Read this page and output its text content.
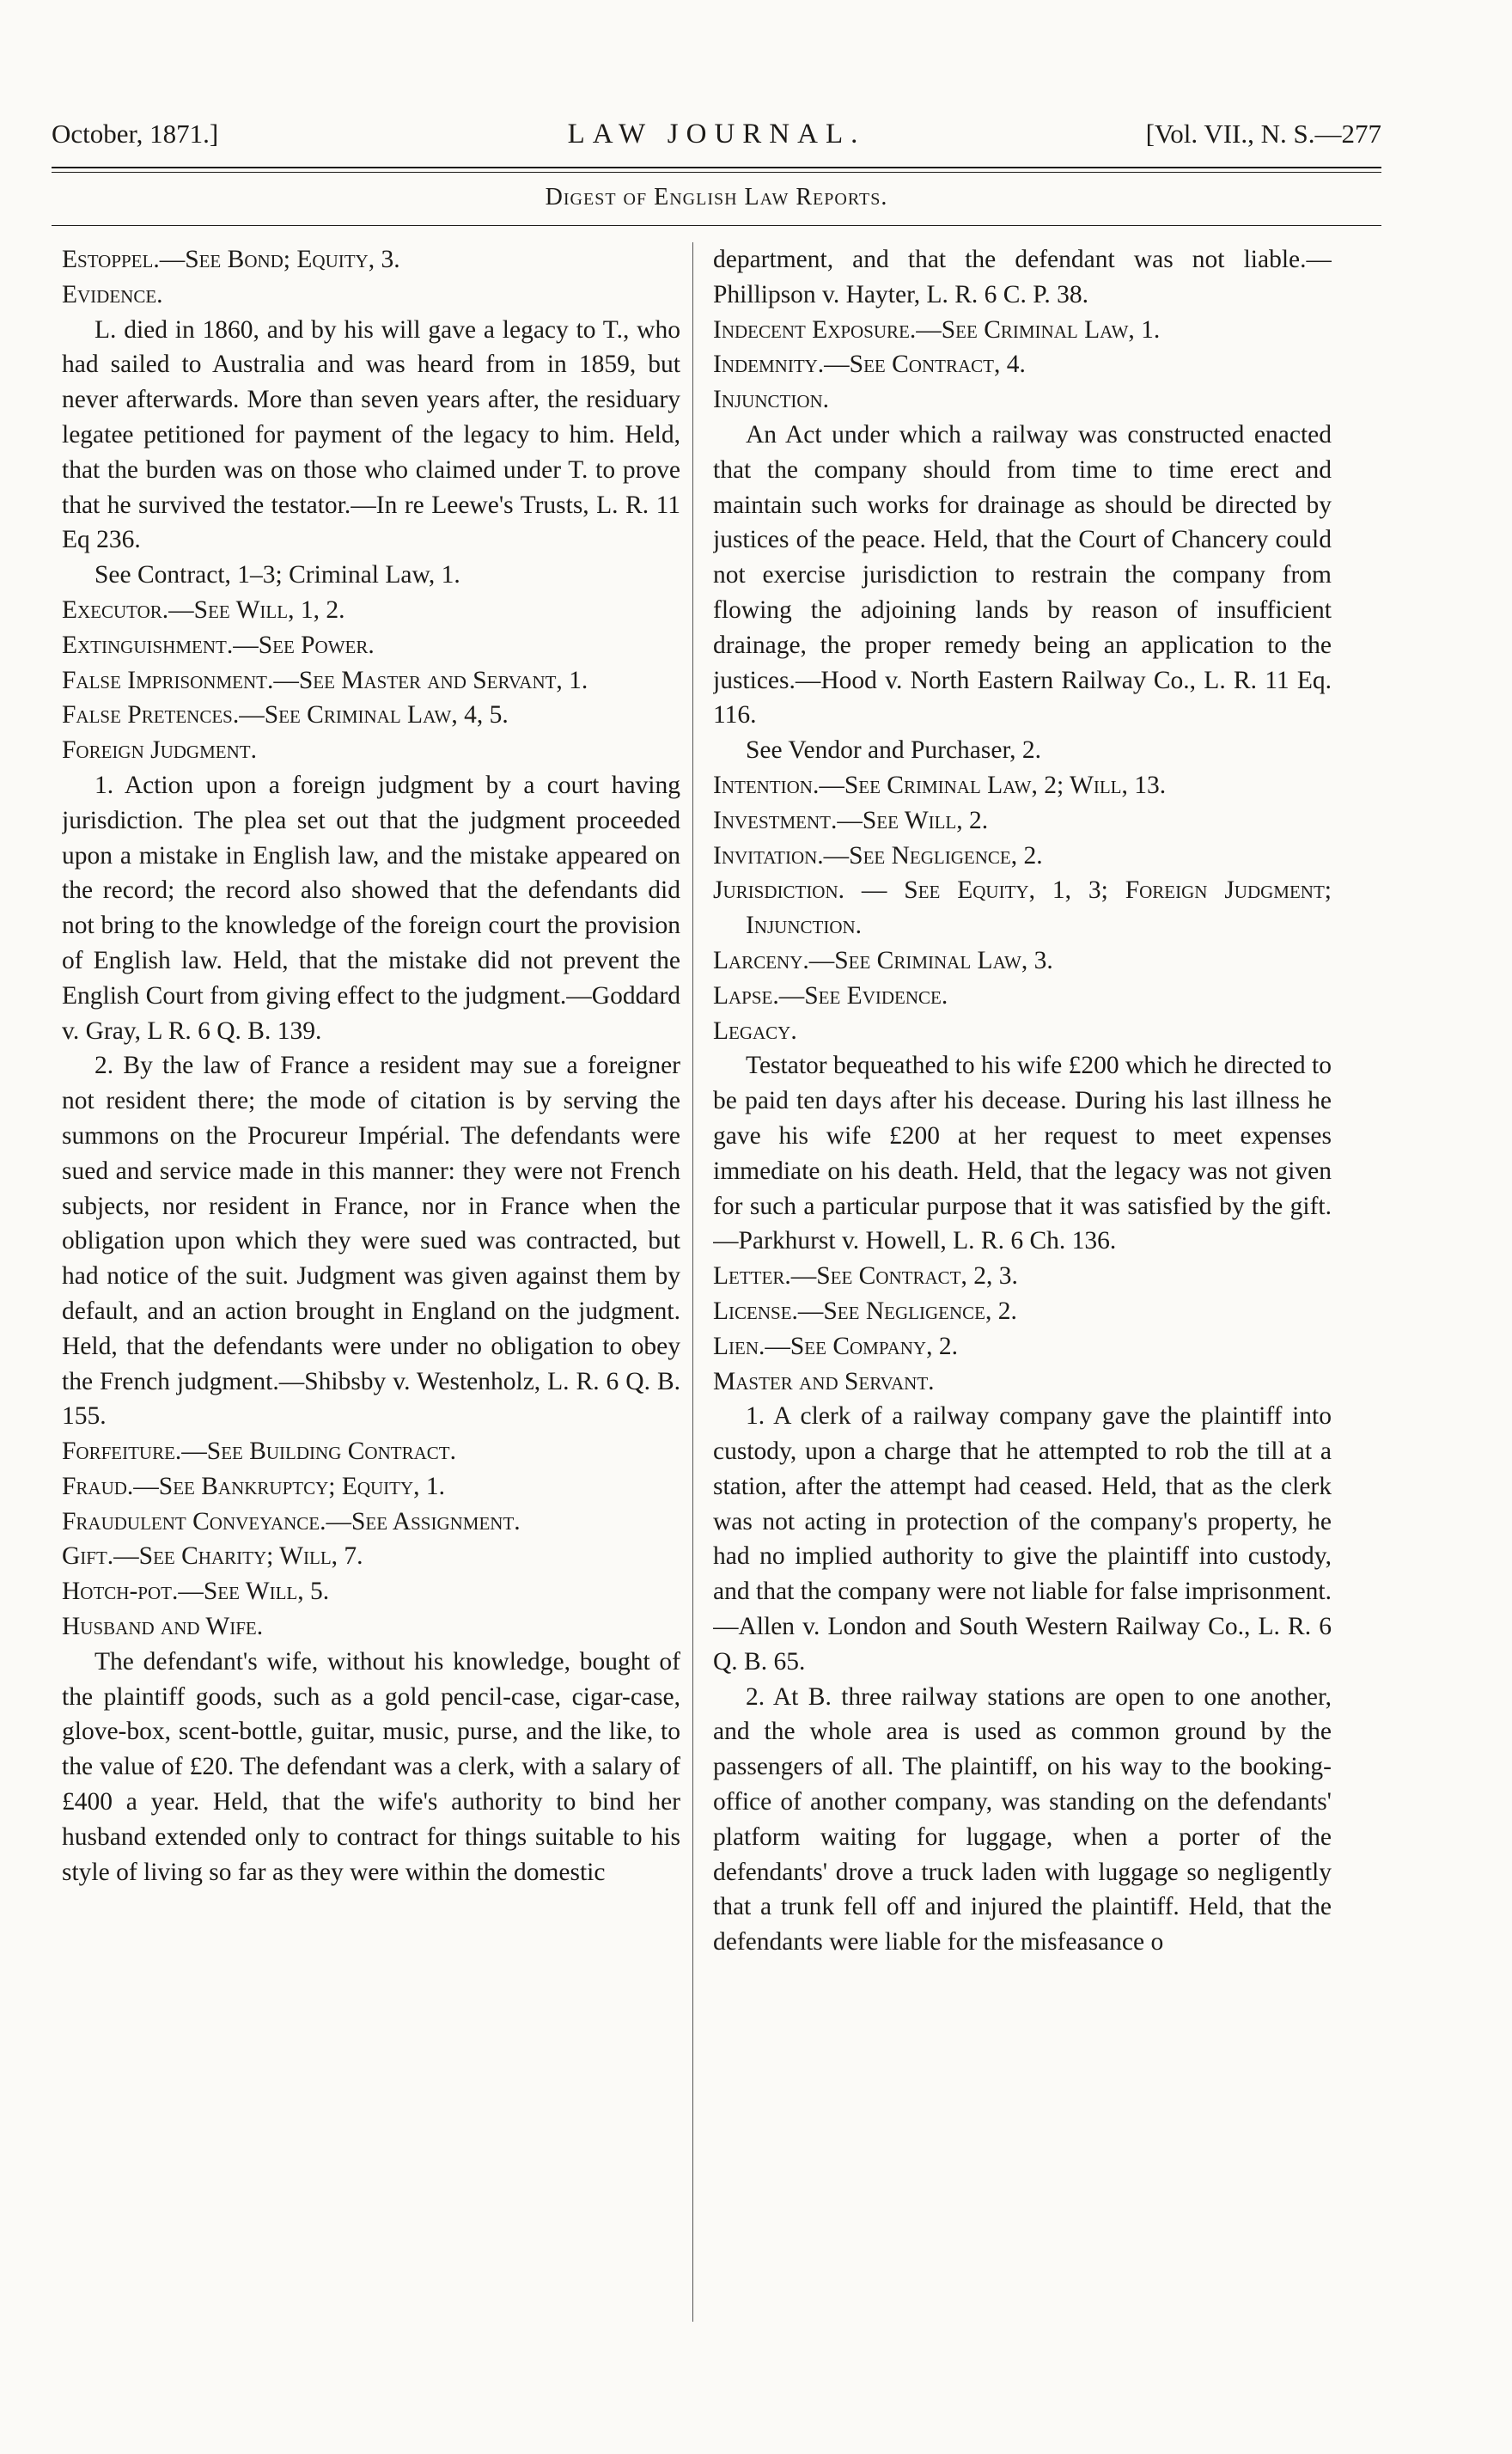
October, 1871.]	LAW JOURNAL.	[Vol. VII., N. S.—277
Digest of English Law Reports.

Estoppel.—See Bond; Equity, 3.

Evidence.

L. died in 1860, and by his will gave a legacy to T., who had sailed to Australia and was heard from in 1859, but never afterwards. More than seven years after, the residuary legatee petitioned for payment of the legacy to him. Held, that the burden was on those who claimed under T. to prove that he survived the testator.—In re Leewe's Trusts, L. R. 11 Eq 236.

See Contract, 1–3; Criminal Law, 1.

Executor.—See Will, 1, 2.

Extinguishment.—See Power.

False Imprisonment.—See Master and Servant, 1.

False Pretences.—See Criminal Law, 4, 5.

Foreign Judgment.

1. Action upon a foreign judgment by a court having jurisdiction. The plea set out that the judgment proceeded upon a mistake in English law, and the mistake appeared on the record; the record also showed that the defendants did not bring to the knowledge of the foreign court the provision of English law. Held, that the mistake did not prevent the English Court from giving effect to the judgment.—Goddard v. Gray, L R. 6 Q. B. 139.

2. By the law of France a resident may sue a foreigner not resident there; the mode of citation is by serving the summons on the Procureur Impérial. The defendants were sued and service made in this manner: they were not French subjects, nor resident in France, nor in France when the obligation upon which they were sued was contracted, but had notice of the suit. Judgment was given against them by default, and an action brought in England on the judgment. Held, that the defendants were under no obligation to obey the French judgment.—Shibsby v. Westenholz, L. R. 6 Q. B. 155.

Forfeiture.—See Building Contract.

Fraud.—See Bankruptcy; Equity, 1.

Fraudulent Conveyance.—See Assignment.

Gift.—See Charity; Will, 7.

Hotch-pot.—See Will, 5.

Husband and Wife.

The defendant's wife, without his knowledge, bought of the plaintiff goods, such as a gold pencil-case, cigar-case, glove-box, scent-bottle, guitar, music, purse, and the like, to the value of £20. The defendant was a clerk, with a salary of £400 a year. Held, that the wife's authority to bind her husband extended only to contract for things suitable to his style of living so far as they were within the domestic

department, and that the defendant was not liable.—Phillipson v. Hayter, L. R. 6 C. P. 38.

Indecent Exposure.—See Criminal Law, 1.

Indemnity.—See Contract, 4.

Injunction.

An Act under which a railway was constructed enacted that the company should from time to time erect and maintain such works for drainage as should be directed by justices of the peace. Held, that the Court of Chancery could not exercise jurisdiction to restrain the company from flowing the adjoining lands by reason of insufficient drainage, the proper remedy being an application to the justices.—Hood v. North Eastern Railway Co., L. R. 11 Eq. 116.

See Vendor and Purchaser, 2.

Intention.—See Criminal Law, 2; Will, 13.

Investment.—See Will, 2.

Invitation.—See Negligence, 2.

Jurisdiction. — See Equity, 1, 3; Foreign Judgment; Injunction.

Larceny.—See Criminal Law, 3.

Lapse.—See Evidence.

Legacy.

Testator bequeathed to his wife £200 which he directed to be paid ten days after his decease. During his last illness he gave his wife £200 at her request to meet expenses immediate on his death. Held, that the legacy was not given for such a particular purpose that it was satisfied by the gift.—Parkhurst v. Howell, L. R. 6 Ch. 136.

Letter.—See Contract, 2, 3.

License.—See Negligence, 2.

Lien.—See Company, 2.

Master and Servant.

1. A clerk of a railway company gave the plaintiff into custody, upon a charge that he attempted to rob the till at a station, after the attempt had ceased. Held, that as the clerk was not acting in protection of the company's property, he had no implied authority to give the plaintiff into custody, and that the company were not liable for false imprisonment.—Allen v. London and South Western Railway Co., L. R. 6 Q. B. 65.

2. At B. three railway stations are open to one another, and the whole area is used as common ground by the passengers of all. The plaintiff, on his way to the booking-office of another company, was standing on the defendants' platform waiting for luggage, when a porter of the defendants' drove a truck laden with luggage so negligently that a trunk fell off and injured the plaintiff. Held, that the defendants were liable for the misfeasance o
